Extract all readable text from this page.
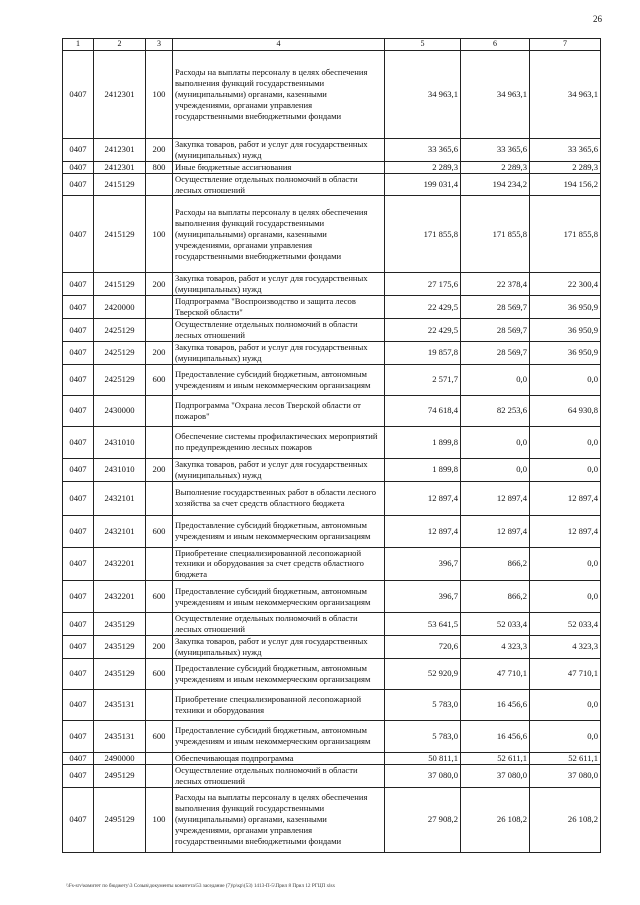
26
1	2	3	4	5	6	7
0407	2412301	100	Расходы на выплаты персоналу в целях обеспечения выполнения функций государственными (муниципальными) органами, казенными учреждениями, органами управления государственными внебюджетными фондами	34 963,1	34 963,1	34 963,1
0407	2412301	200	Закупка товаров, работ и услуг для государственных (муниципальных) нужд	33 365,6	33 365,6	33 365,6
0407	2412301	800	Иные бюджетные ассигнования	2 289,3	2 289,3	2 289,3
0407	2415129		Осуществление отдельных полномочий в области лесных отношений	199 031,4	194 234,2	194 156,2
0407	2415129	100	Расходы на выплаты персоналу в целях обеспечения выполнения функций государственными (муниципальными) органами, казенными учреждениями, органами управления государственными внебюджетными фондами	171 855,8	171 855,8	171 855,8
0407	2415129	200	Закупка товаров, работ и услуг для государственных (муниципальных) нужд	27 175,6	22 378,4	22 300,4
0407	2420000		Подпрограмма "Воспроизводство и защита лесов Тверской области"	22 429,5	28 569,7	36 950,9
0407	2425129		Осуществление отдельных полномочий в области лесных отношений	22 429,5	28 569,7	36 950,9
0407	2425129	200	Закупка товаров, работ и услуг для государственных (муниципальных) нужд	19 857,8	28 569,7	36 950,9
0407	2425129	600	Предоставление субсидий бюджетным, автономным учреждениям и иным некоммерческим организациям	2 571,7	0,0	0,0
0407	2430000		Подпрограмма "Охрана лесов Тверской области от пожаров"	74 618,4	82 253,6	64 930,8
0407	2431010		Обеспечение системы профилактических мероприятий по предупреждению лесных пожаров	1 899,8	0,0	0,0
0407	2431010	200	Закупка товаров, работ и услуг для государственных (муниципальных) нужд	1 899,8	0,0	0,0
0407	2432101		Выполнение государственных работ в области лесного хозяйства за счет средств областного бюджета	12 897,4	12 897,4	12 897,4
0407	2432101	600	Предоставление субсидий бюджетным, автономным учреждениям и иным некоммерческим организациям	12 897,4	12 897,4	12 897,4
0407	2432201		Приобретение специализированной лесопожарной техники и оборудования за счет средств областного бюджета	396,7	866,2	0,0
0407	2432201	600	Предоставление субсидий бюджетным, автономным учреждениям и иным некоммерческим организациям	396,7	866,2	0,0
0407	2435129		Осуществление отдельных полномочий в области лесных отношений	53 641,5	52 033,4	52 033,4
0407	2435129	200	Закупка товаров, работ и услуг для государственных (муниципальных) нужд	720,6	4 323,3	4 323,3
0407	2435129	600	Предоставление субсидий бюджетным, автономным учреждениям и иным некоммерческим организациям	52 920,9	47 710,1	47 710,1
0407	2435131		Приобретение специализированной лесопожарной техники и оборудования	5 783,0	16 456,6	0,0
0407	2435131	600	Предоставление субсидий бюджетным, автономным учреждениям и иным некоммерческим организациям	5 783,0	16 456,6	0,0
0407	2490000		Обеспечивающая подпрограмма	50 811,1	52 611,1	52 611,1
0407	2495129		Осуществление отдельных полномочий в области лесных отношений	37 080,0	37 080,0	37 080,0
0407	2495129	100	Расходы на выплаты персоналу в целях обеспечения выполнения функций государственными (муниципальными) органами, казенными учреждениями, органами управления государственными внебюджетными фондами	27 908,2	26 108,2	26 108,2
\\Fs-srv\комитет по бюджету\3 Созыв\документы комитета\53 заседание (7)\р\кр\(53) 1413-П-5\Прил 8 Прил 12 РГЦП xlsx
